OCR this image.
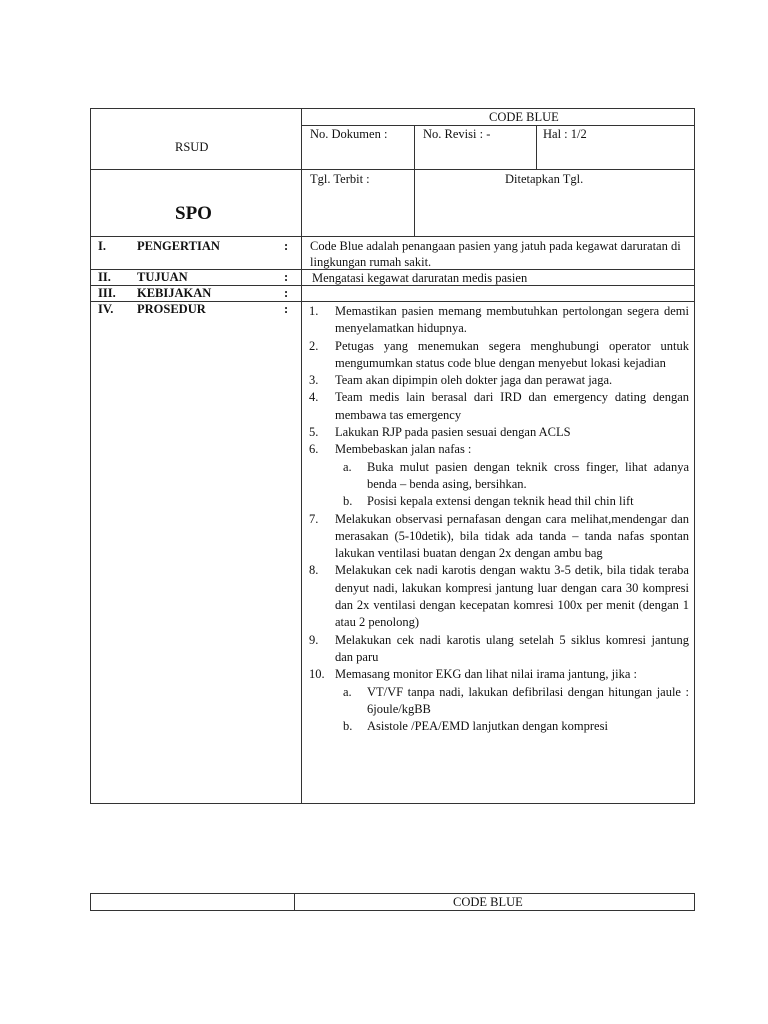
RSUD
SPO
CODE BLUE
No. Dokumen :	No. Revisi : -	Hal : 1/2
Tgl. Terbit :	Ditetapkan Tgl.
I. PENGERTIAN	: Code Blue adalah penangaan pasien yang jatuh pada kegawat daruratan di lingkungan rumah sakit.
II. TUJUAN	: Mengatasi kegawat daruratan medis pasien
III. KEBIJAKAN	:
IV. PROSEDUR	: 1.	Memastikan pasien memang membutuhkan pertolongan segera demi menyelamatkan hidupnya.
2.	Petugas yang menemukan segera menghubungi operator untuk mengumumkan status code blue dengan menyebut lokasi kejadian
3.	Team akan dipimpin oleh dokter jaga dan perawat jaga.
4.	Team medis lain berasal dari IRD dan emergency dating dengan membawa tas emergency
5.	Lakukan RJP pada pasien sesuai dengan ACLS
6.	Membebaskan jalan nafas :
a. Buka mulut pasien dengan teknik cross finger, lihat adanya benda – benda asing, bersihkan.
b. Posisi kepala extensi dengan teknik head thil chin lift
7.	Melakukan observasi pernafasan dengan cara melihat,mendengar dan merasakan (5-10detik), bila tidak ada tanda – tanda nafas spontan lakukan ventilasi buatan dengan 2x dengan ambu bag
8.	Melakukan cek nadi karotis dengan waktu 3-5 detik, bila tidak teraba denyut nadi, lakukan kompresi jantung luar dengan cara 30 kompresi dan 2x ventilasi dengan kecepatan komresi 100x per menit (dengan 1 atau 2 penolong)
9.	Melakukan cek nadi karotis ulang setelah 5 siklus komresi jantung dan paru
10. Memasang monitor EKG dan lihat nilai irama jantung, jika :
a. VT/VF tanpa nadi, lakukan defibrilasi dengan hitungan jaule : 6joule/kgBB
b. Asistole /PEA/EMD lanjutkan dengan kompresi
CODE BLUE
